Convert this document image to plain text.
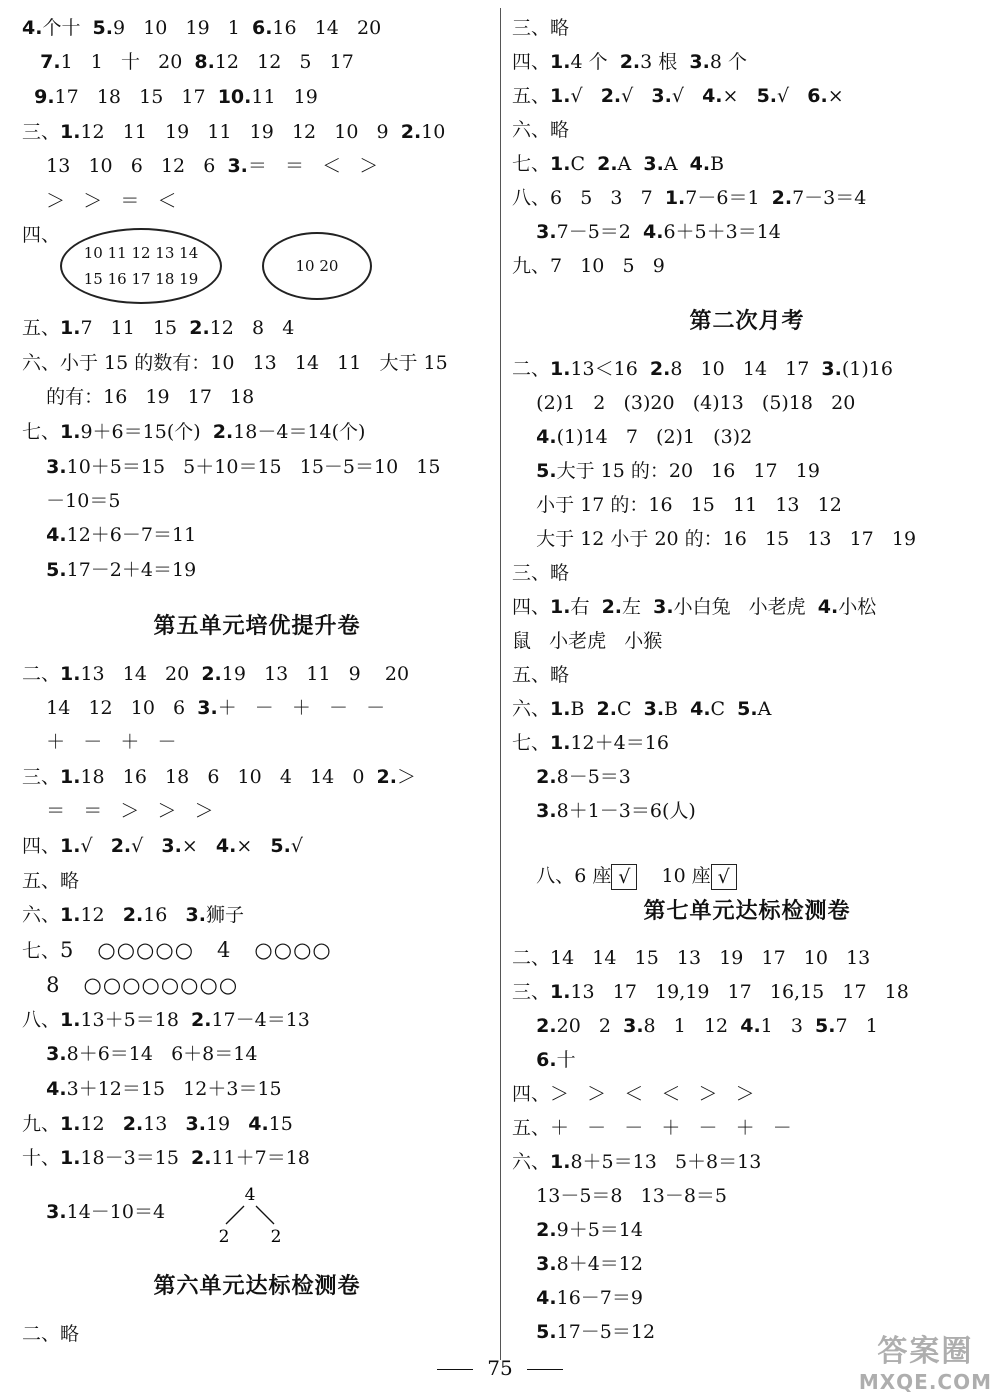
第五单元培优提升卷
第六单元达标检测卷
10 11 12 13 14
15 16 17 18 19
10 20
4
2 2
4.个十  5.9   10   19   1  6.16   14   20
7.1   1   十   20  8.12   12   5   17
9.17   18   15   17  10.11   19
三、1.12   11   19   11   19   12   10   9  2.10
13   10   6   12   6  3.＝   ＝   ＜   ＞
＞   ＞   ＝   ＜
四、
五、1.7   11   15  2.12   8   4
六、小于 15 的数有：10   13   14   11   大于 15
的有：16   19   17   18
七、1.9＋6＝15(个)  2.18－4＝14(个)
3.10＋5＝15   5＋10＝15   15－5＝10   15
－10＝5
4.12＋6－7＝11
5.17－2＋4＝19
二、1.13   14   20  2.19   13   11   9    20
14   12   10   6  3.＋   －   ＋   －   －
＋   －   ＋   －
三、1.18   16   18   6   10   4   14   0  2.＞
＝   ＝   ＞   ＞   ＞
四、1.√   2.√   3.×   4.×   5.√
五、略
六、1.12   2.16   3.狮子
七、5   ○○○○○   4   ○○○○
8   ○○○○○○○○
八、1.13＋5＝18  2.17－4＝13
3.8＋6＝14   6＋8＝14
4.3＋12＝15   12＋3＝15
九、1.12   2.13   3.19   4.15
十、1.18－3＝15  2.11＋7＝18
3.14－10＝4
二、略
第二次月考
第七单元达标检测卷

八、6 座 √ 10 座 √

三、略
四、1.4 个  2.3 根  3.8 个
五、1.√   2.√   3.√   4.×   5.√   6.×
六、略
七、1.C  2.A  3.A  4.B
八、6   5   3   7  1.7－6＝1  2.7－3＝4
3.7－5＝2  4.6＋5＋3＝14
九、7   10   5   9
二、1.13＜16  2.8   10   14   17  3.(1)16
(2)1   2   (3)20   (4)13   (5)18   20
4.(1)14   7   (2)1   (3)2
5.大于 15 的：20   16   17   19
小于 17 的：16   15   11   13   12
大于 12 小于 20 的：16   15   13   17   19
三、略
四、1.右  2.左  3.小白兔   小老虎  4.小松
鼠   小老虎   小猴
五、略
六、1.B  2.C  3.B  4.C  5.A
七、1.12＋4＝16
2.8－5＝3
3.8＋1－3＝6(人)
二、14   14   15   13   19   17   10   13
三、1.13   17   19,19   17   16,15   17   18
2.20   2  3.8   1   12  4.1   3  5.7   1
6.十
四、＞   ＞   ＜   ＜   ＞   ＞
五、＋   －   －   ＋   －   ＋   －
六、1.8＋5＝13   5＋8＝13
13－5＝8   13－8＝5
2.9＋5＝14
3.8＋4＝12
4.16－7＝9
5.17－5＝12
75	答案圈
MXQE.COM
